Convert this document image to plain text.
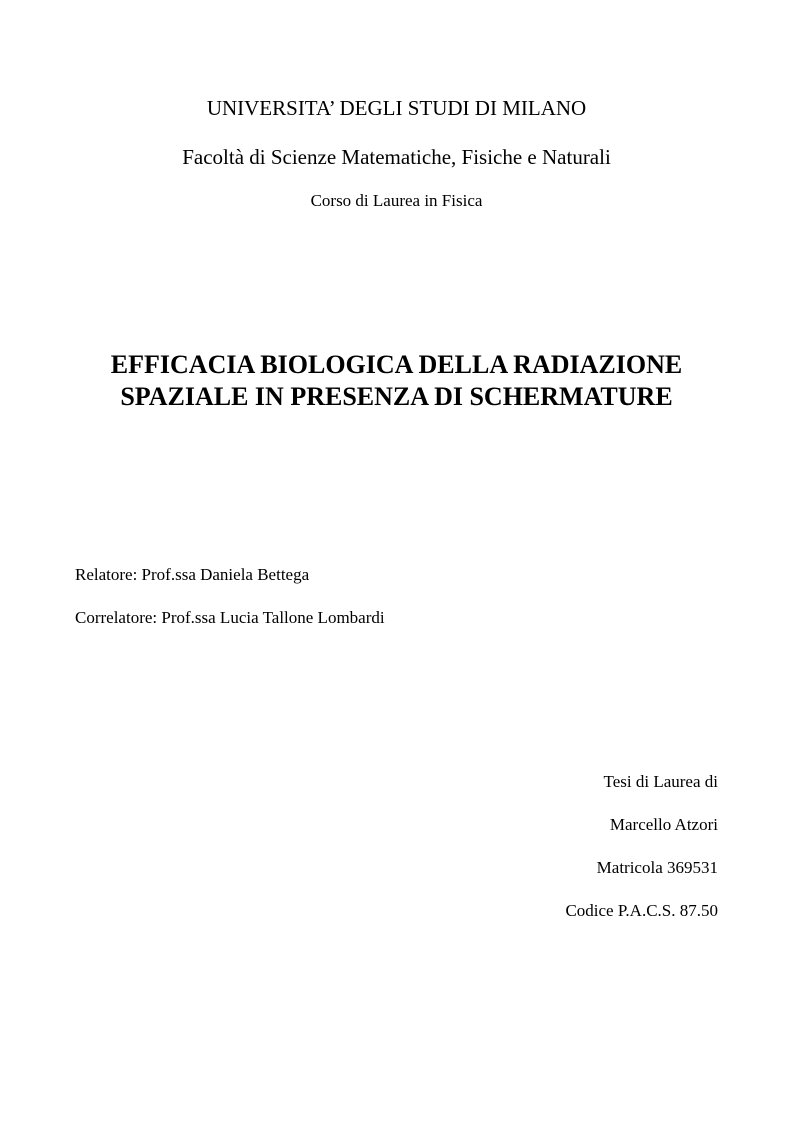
UNIVERSITA’ DEGLI STUDI DI MILANO

Facoltà di Scienze Matematiche, Fisiche e Naturali

Corso di Laurea in Fisica

EFFICACIA BIOLOGICA DELLA RADIAZIONE

SPAZIALE IN PRESENZA DI SCHERMATURE

Relatore: Prof.ssa Daniela Bettega

Correlatore: Prof.ssa Lucia Tallone Lombardi

Tesi di Laurea di

Marcello Atzori

Matricola 369531

Codice P.A.C.S. 87.50
